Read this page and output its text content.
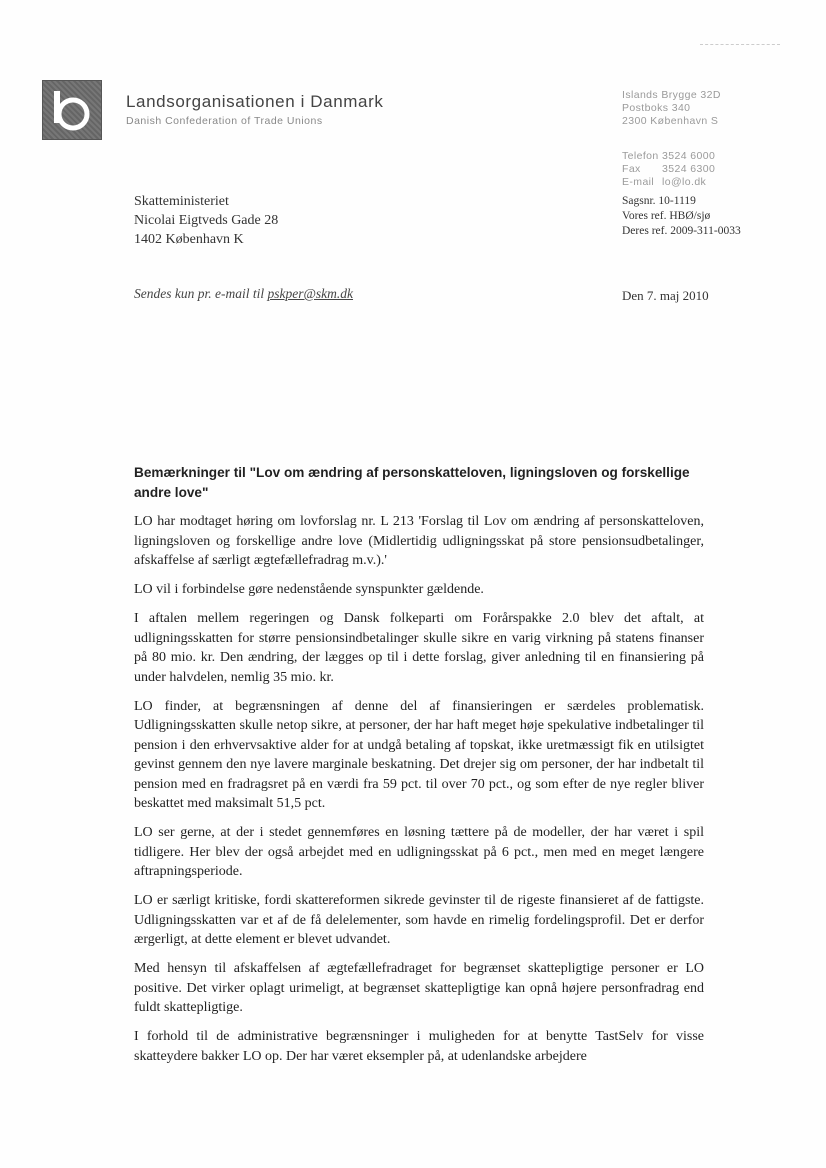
Landsorganisationen i Danmark
Danish Confederation of Trade Unions
Islands Brygge 32D
Postboks 340
2300 København S
Telefon 3524 6000
Fax 3524 6300
E-mail lo@lo.dk
Sagsnr. 10-1119
Vores ref. HBØ/sjø
Deres ref. 2009-311-0033
Skatteministeriet
Nicolai Eigtveds Gade 28
1402 København K
Sendes kun pr. e-mail til pskper@skm.dk	Den 7. maj 2010
Bemærkninger til "Lov om ændring af personskatteloven, ligningsloven og forskellige andre love"

LO har modtaget høring om lovforslag nr. L 213 'Forslag til Lov om ændring af personskatteloven, ligningsloven og forskellige andre love (Midlertidig udligningsskat på store pensionsudbetalinger, afskaffelse af særligt ægtefællefradrag m.v.).'

LO vil i forbindelse gøre nedenstående synspunkter gældende.

I aftalen mellem regeringen og Dansk folkeparti om Forårspakke 2.0 blev det aftalt, at udligningsskatten for større pensionsindbetalinger skulle sikre en varig virkning på statens finanser på 80 mio. kr. Den ændring, der lægges op til i dette forslag, giver anledning til en finansiering på under halvdelen, nemlig 35 mio. kr.

LO finder, at begrænsningen af denne del af finansieringen er særdeles problematisk. Udligningsskatten skulle netop sikre, at personer, der har haft meget høje spekulative indbetalinger til pension i den erhvervsaktive alder for at undgå betaling af topskat, ikke uretmæssigt fik en utilsigtet gevinst gennem den nye lavere marginale beskatning. Det drejer sig om personer, der har indbetalt til pension med en fradragsret på en værdi fra 59 pct. til over 70 pct., og som efter de nye regler bliver beskattet med maksimalt 51,5 pct.

LO ser gerne, at der i stedet gennemføres en løsning tættere på de modeller, der har været i spil tidligere. Her blev der også arbejdet med en udligningsskat på 6 pct., men med en meget længere aftrapningsperiode.

LO er særligt kritiske, fordi skattereformen sikrede gevinster til de rigeste finansieret af de fattigste. Udligningsskatten var et af de få delelementer, som havde en rimelig fordelingsprofil. Det er derfor ærgerligt, at dette element er blevet udvandet.

Med hensyn til afskaffelsen af ægtefællefradraget for begrænset skattepligtige personer er LO positive. Det virker oplagt urimeligt, at begrænset skattepligtige kan opnå højere personfradrag end fuldt skattepligtige.

I forhold til de administrative begrænsninger i muligheden for at benytte TastSelv for visse skatteydere bakker LO op. Der har været eksempler på, at udenlandske arbejdere
